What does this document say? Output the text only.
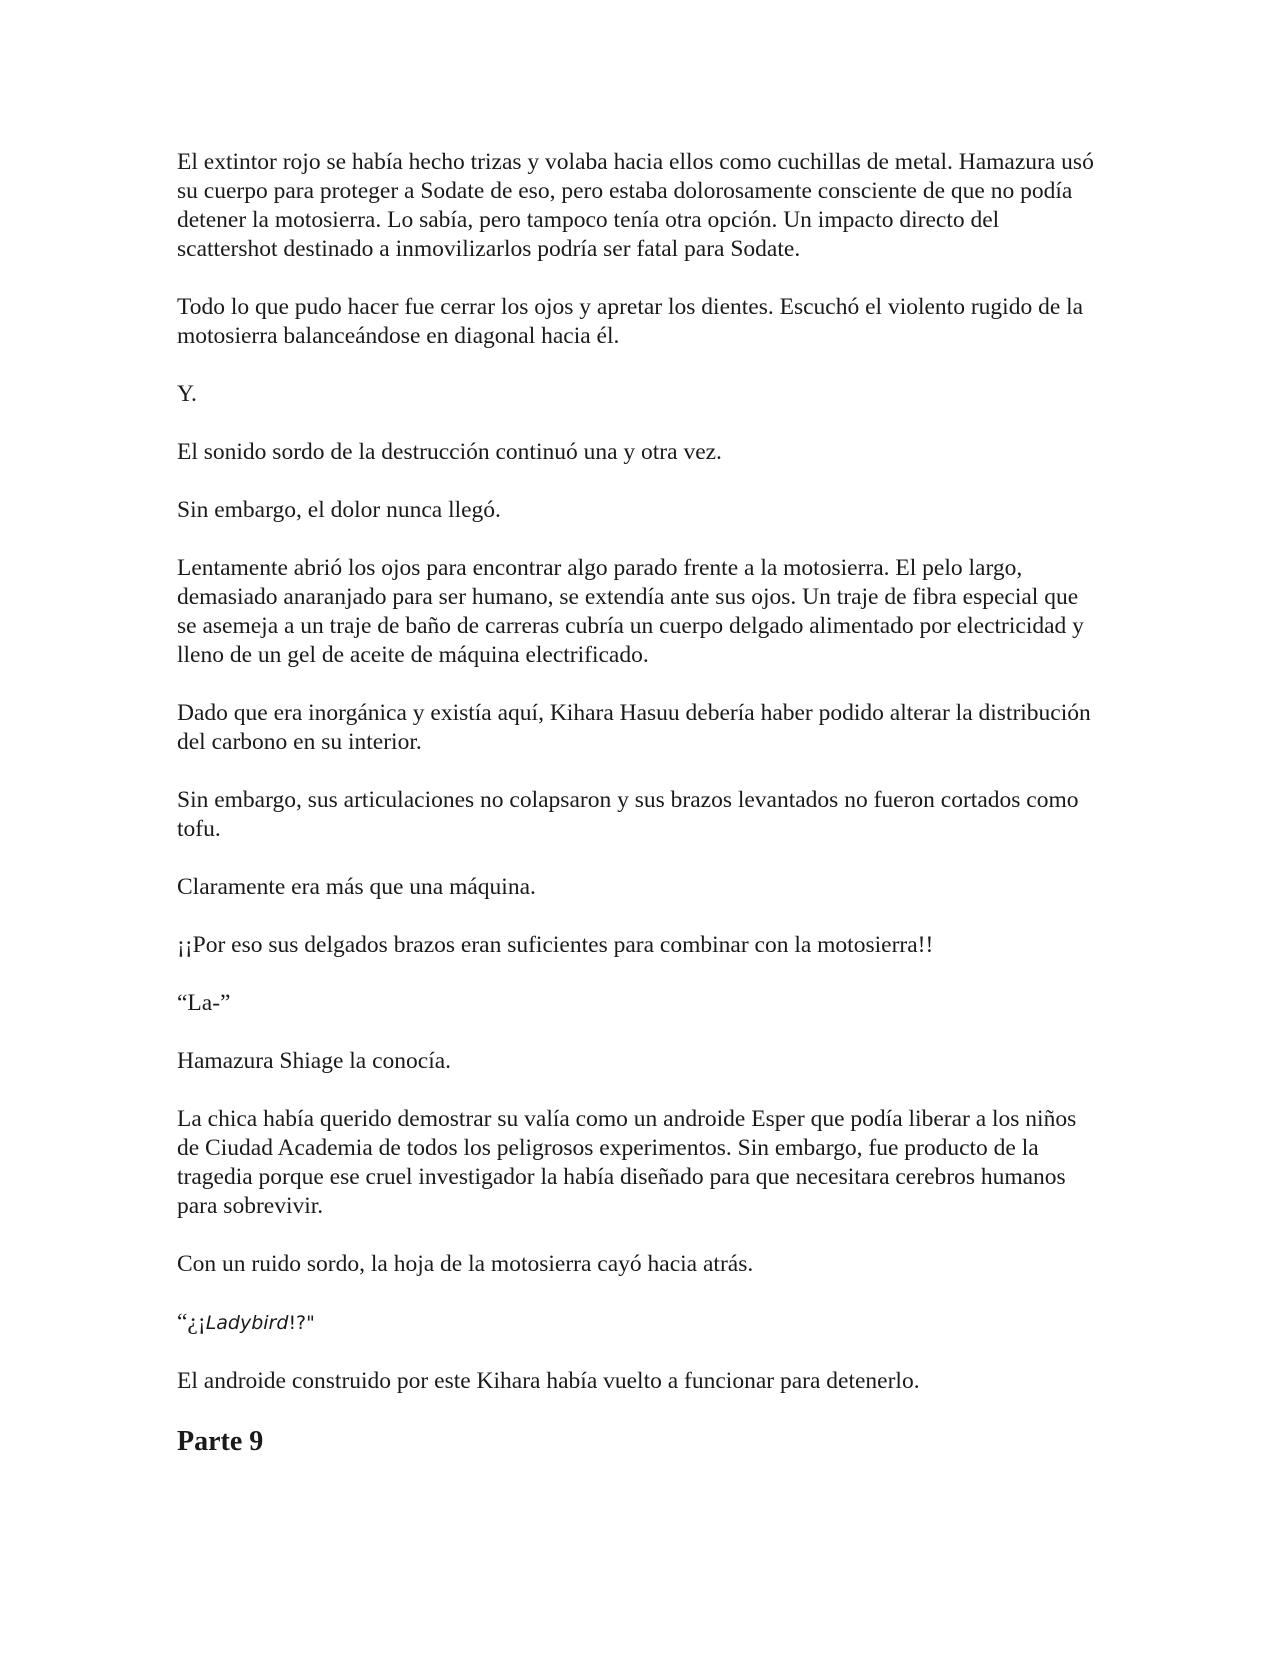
El extintor rojo se había hecho trizas y volaba hacia ellos como cuchillas de metal. Hamazura usó su cuerpo para proteger a Sodate de eso, pero estaba dolorosamente consciente de que no podía detener la motosierra. Lo sabía, pero tampoco tenía otra opción. Un impacto directo del scattershot destinado a inmovilizarlos podría ser fatal para Sodate.

Todo lo que pudo hacer fue cerrar los ojos y apretar los dientes. Escuchó el violento rugido de la motosierra balanceándose en diagonal hacia él.

Y.

El sonido sordo de la destrucción continuó una y otra vez.

Sin embargo, el dolor nunca llegó.

Lentamente abrió los ojos para encontrar algo parado frente a la motosierra. El pelo largo, demasiado anaranjado para ser humano, se extendía ante sus ojos. Un traje de fibra especial que se asemeja a un traje de baño de carreras cubría un cuerpo delgado alimentado por electricidad y lleno de un gel de aceite de máquina electrificado.

Dado que era inorgánica y existía aquí, Kihara Hasuu debería haber podido alterar la distribución del carbono en su interior.

Sin embargo, sus articulaciones no colapsaron y sus brazos levantados no fueron cortados como tofu.

Claramente era más que una máquina.

¡¡Por eso sus delgados brazos eran suficientes para combinar con la motosierra!!

“La-”

Hamazura Shiage la conocía.

La chica había querido demostrar su valía como un androide Esper que podía liberar a los niños de Ciudad Academia de todos los peligrosos experimentos. Sin embargo, fue producto de la tragedia porque ese cruel investigador la había diseñado para que necesitara cerebros humanos para sobrevivir.

Con un ruido sordo, la hoja de la motosierra cayó hacia atrás.

“¿¡Ladybird!?"

El androide construido por este Kihara había vuelto a funcionar para detenerlo.

Parte 9
